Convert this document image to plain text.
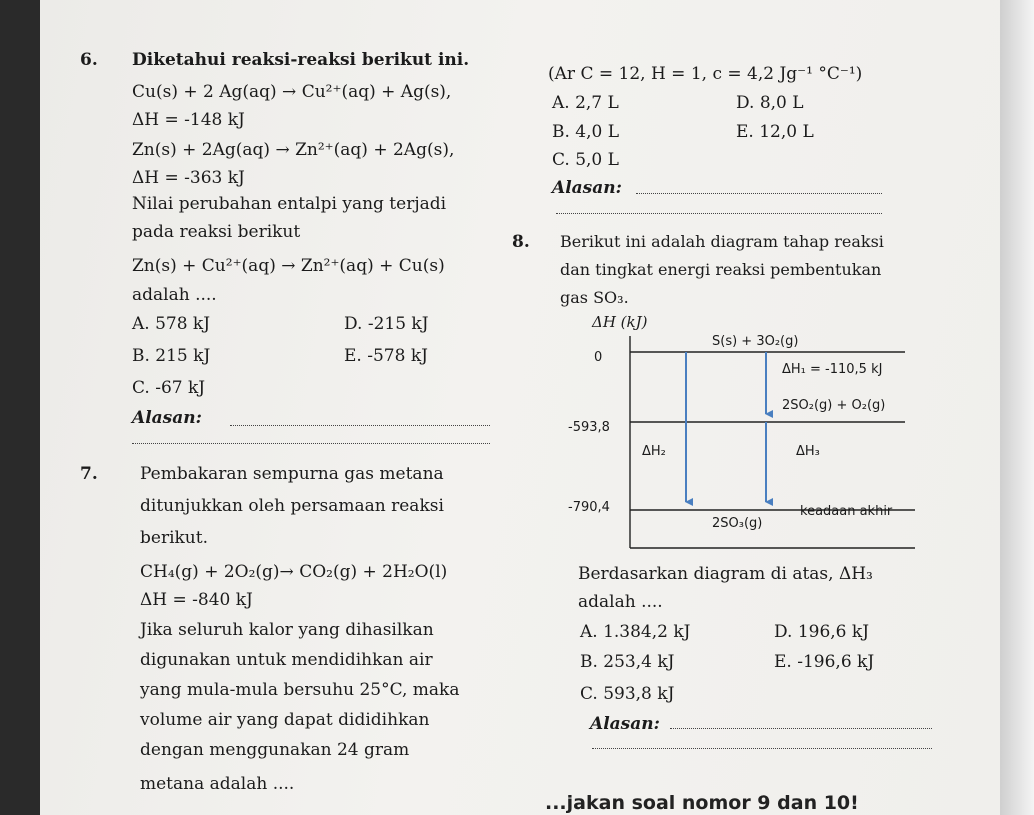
6. Diketahui reaksi-reaksi berikut ini.
Cu(s) + 2 Ag(aq) → Cu²⁺(aq) + Ag(s),
ΔH = -148 kJ
Zn(s) + 2Ag(aq) → Zn²⁺(aq) + 2Ag(s),
ΔH = -363 kJ
Nilai perubahan entalpi yang terjadi
pada reaksi berikut
Zn(s) + Cu²⁺(aq) → Zn²⁺(aq) + Cu(s)
adalah ....
A. 578 kJ
B. 215 kJ
C. -67 kJ
D. -215 kJ
E. -578 kJ
Alasan:
7. Pembakaran sempurna gas metana
ditunjukkan oleh persamaan reaksi
berikut.
CH₄(g) + 2O₂(g)→ CO₂(g) + 2H₂O(l)
ΔH = -840 kJ
Jika seluruh kalor yang dihasilkan
digunakan untuk mendidihkan air
yang mula-mula bersuhu 25°C, maka
volume air yang dapat dididihkan
dengan menggunakan 24 gram
metana adalah ....
(Ar C = 12, H = 1, c = 4,2 Jg⁻¹ °C⁻¹)
A. 2,7 L
B. 4,0 L
C. 5,0 L
D. 8,0 L
E. 12,0 L
Alasan:
8. Berikut ini adalah diagram tahap reaksi
dan tingkat energi reaksi pembentukan
gas SO₃.
ΔH (kJ)
0
-593,8
-790,4
S(s) + 3O₂(g)
ΔH₁ = -110,5 kJ
2SO₂(g) + O₂(g)
ΔH₂	ΔH₃
keadaan akhir
2SO₃(g)
Berdasarkan diagram di atas, ΔH₃
adalah ....
A. 1.384,2 kJ
B. 253,4 kJ
C. 593,8 kJ
D. 196,6 kJ
E. -196,6 kJ
Alasan:
...jakan soal nomor 9 dan 10!
